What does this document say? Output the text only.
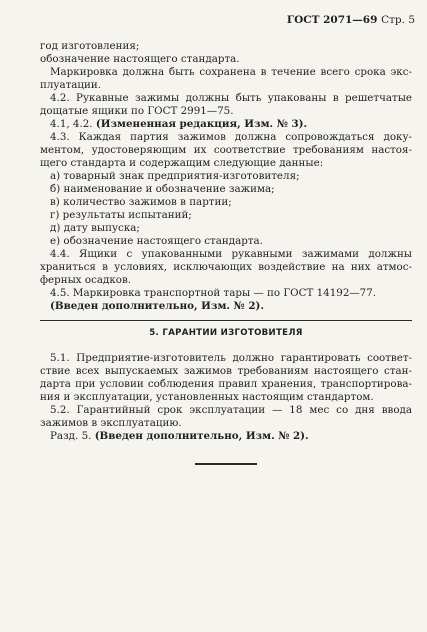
ГОСТ 2071—69 Стр. 5
год изготовления;
обозначение настоящего стандарта.
Маркировка должна быть сохранена в течение всего срока экс-
плуатации.
4.2. Рукавные зажимы должны быть упакованы в решетчатые
дощатые ящики по ГОСТ 2991—75.
4.1, 4.2. (Измененная редакция, Изм. № 3).
4.3. Каждая партия зажимов должна сопровождаться доку-
ментом, удостоверяющим их соответствие требованиям настоя-
щего стандарта и содержащим следующие данные:
а) товарный знак предприятия-изготовителя;
б) наименование и обозначение зажима;
в) количество зажимов в партии;
г) результаты испытаний;
д) дату выпуска;
е) обозначение настоящего стандарта.
4.4. Ящики с упакованными рукавными зажимами должны
храниться в условиях, исключающих воздействие на них атмос-
ферных осадков.
4.5. Маркировка транспортной тары — по ГОСТ 14192—77.
(Введен дополнительно, Изм. № 2).
5. ГАРАНТИИ ИЗГОТОВИТЕЛЯ
5.1. Предприятие-изготовитель должно гарантировать соответ-
ствие всех выпускаемых зажимов требованиям настоящего стан-
дарта при условии соблюдения правил хранения, транспортирова-
ния и эксплуатации, установленных настоящим стандартом.
5.2. Гарантийный срок эксплуатации — 18 мес со дня ввода
зажимов в эксплуатацию.
Разд. 5. (Введен дополнительно, Изм. № 2).
